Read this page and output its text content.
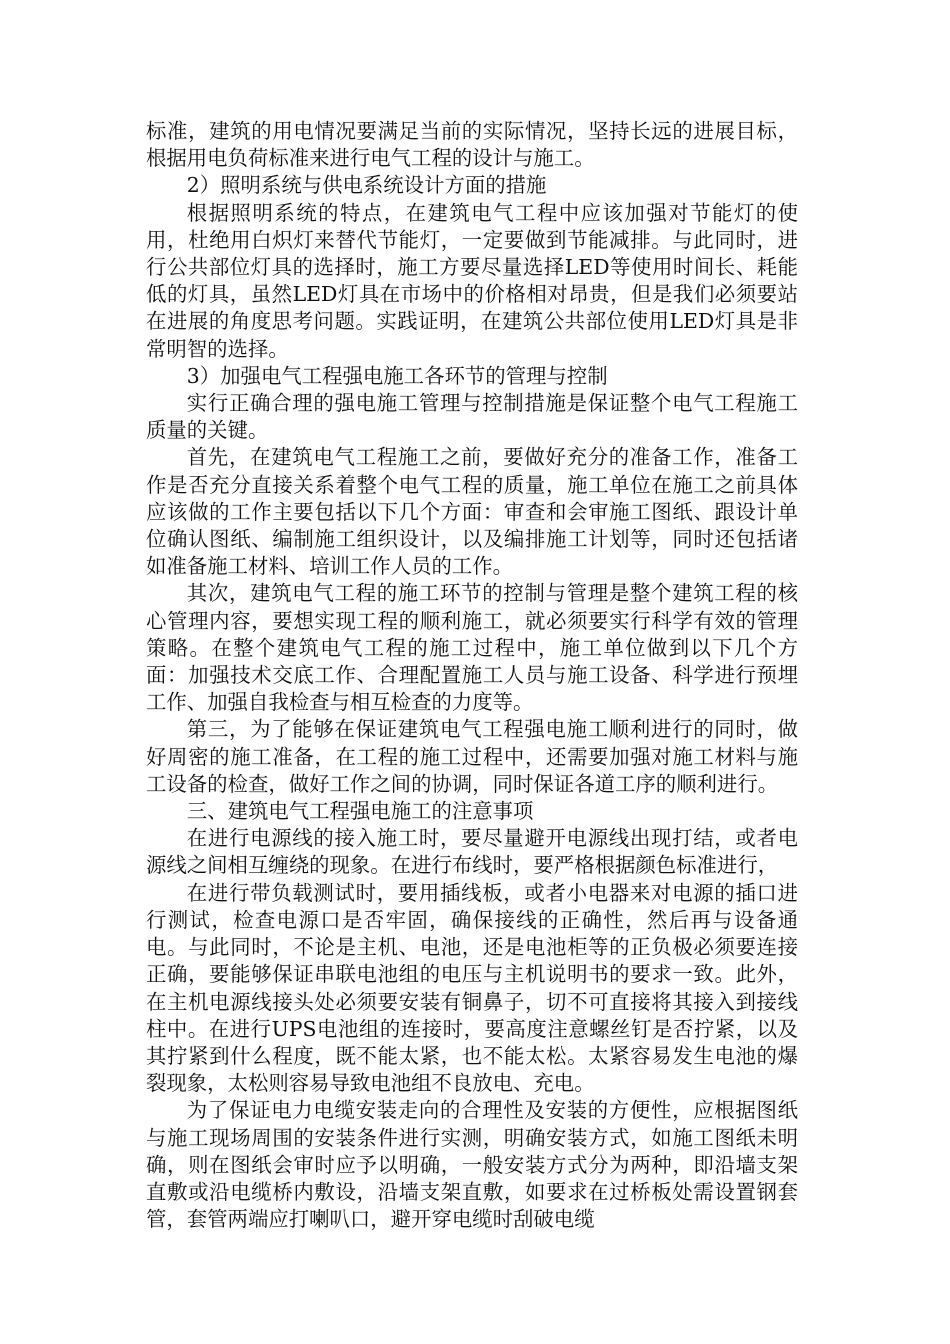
标准，建筑的用电情况要满足当前的实际情况，坚持长远的进展目标，根据用电负荷标准来进行电气工程的设计与施工。

2）照明系统与供电系统设计方面的措施

根据照明系统的特点，在建筑电气工程中应该加强对节能灯的使用，杜绝用白炽灯来替代节能灯，一定要做到节能减排。与此同时，进行公共部位灯具的选择时，施工方要尽量选择LED等使用时间长、耗能低的灯具，虽然LED灯具在市场中的价格相对昂贵，但是我们必须要站在进展的角度思考问题。实践证明，在建筑公共部位使用LED灯具是非常明智的选择。

3）加强电气工程强电施工各环节的管理与控制

实行正确合理的强电施工管理与控制措施是保证整个电气工程施工质量的关键。

首先，在建筑电气工程施工之前，要做好充分的准备工作，准备工作是否充分直接关系着整个电气工程的质量，施工单位在施工之前具体应该做的工作主要包括以下几个方面：审查和会审施工图纸、跟设计单位确认图纸、编制施工组织设计，以及编排施工计划等，同时还包括诸如准备施工材料、培训工作人员的工作。

其次，建筑电气工程的施工环节的控制与管理是整个建筑工程的核心管理内容，要想实现工程的顺利施工，就必须要实行科学有效的管理策略。在整个建筑电气工程的施工过程中，施工单位做到以下几个方面：加强技术交底工作、合理配置施工人员与施工设备、科学进行预埋工作、加强自我检查与相互检查的力度等。

第三，为了能够在保证建筑电气工程强电施工顺利进行的同时，做好周密的施工准备，在工程的施工过程中，还需要加强对施工材料与施工设备的检查，做好工作之间的协调，同时保证各道工序的顺利进行。

三、建筑电气工程强电施工的注意事项

在进行电源线的接入施工时，要尽量避开电源线出现打结，或者电源线之间相互缠绕的现象。在进行布线时，要严格根据颜色标准进行，

在进行带负载测试时，要用插线板，或者小电器来对电源的插口进行测试，检查电源口是否牢固，确保接线的正确性，然后再与设备通电。与此同时，不论是主机、电池，还是电池柜等的正负极必须要连接正确，要能够保证串联电池组的电压与主机说明书的要求一致。此外，在主机电源线接头处必须要安装有铜鼻子，切不可直接将其接入到接线柱中。在进行UPS电池组的连接时，要高度注意螺丝钉是否拧紧，以及其拧紧到什么程度，既不能太紧，也不能太松。太紧容易发生电池的爆裂现象，太松则容易导致电池组不良放电、充电。

为了保证电力电缆安装走向的合理性及安装的方便性，应根据图纸与施工现场周围的安装条件进行实测，明确安装方式，如施工图纸未明确，则在图纸会审时应予以明确，一般安装方式分为两种，即沿墙支架直敷或沿电缆桥内敷设，沿墙支架直敷，如要求在过桥板处需设置钢套管，套管两端应打喇叭口，避开穿电缆时刮破电缆
